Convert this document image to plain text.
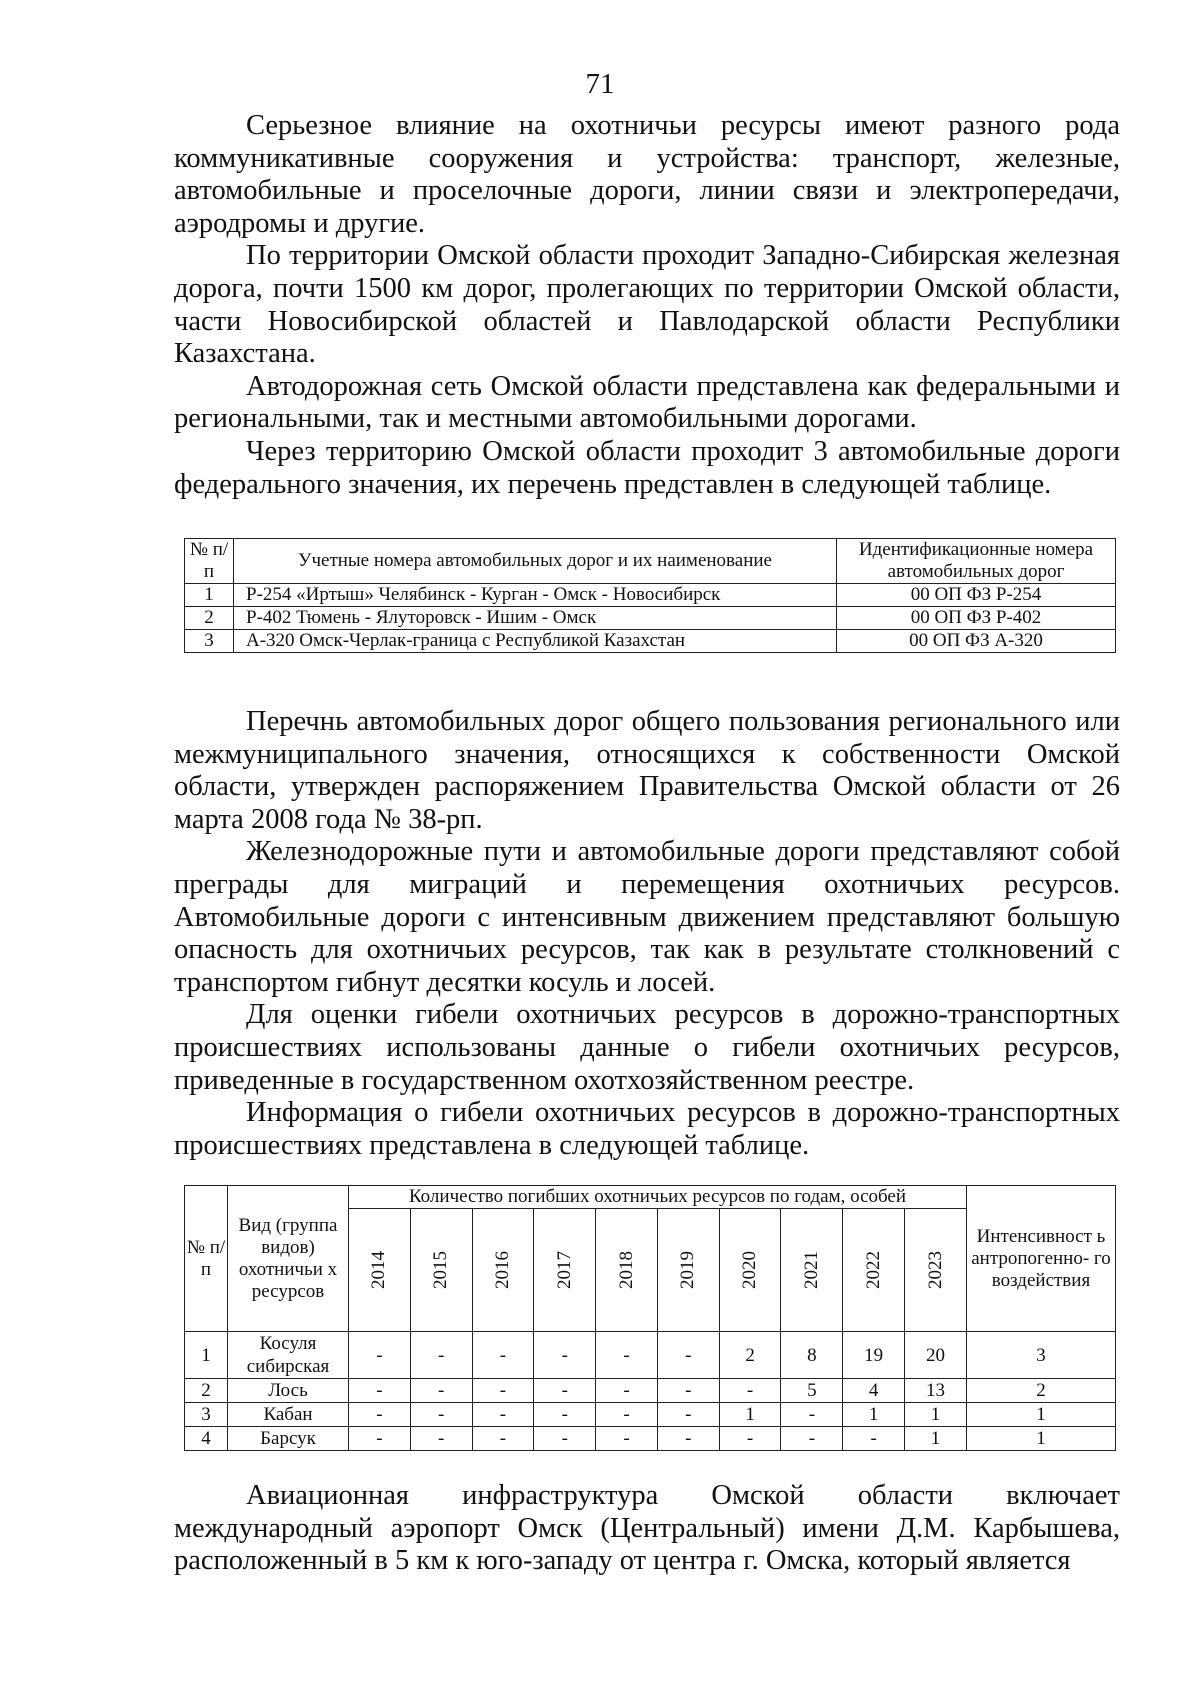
71

Серьезное влияние на охотничьи ресурсы имеют разного рода коммуникативные сооружения и устройства: транспорт, железные, автомобильные и проселочные дороги, линии связи и электропередачи, аэродромы и другие.

По территории Омской области проходит Западно-Сибирская железная дорога, почти 1500 км дорог, пролегающих по территории Омской области, части Новосибирской областей и Павлодарской области Республики Казахстана.

Автодорожная сеть Омской области представлена как федеральными и региональными, так и местными автомобильными дорогами.

Через территорию Омской области проходит 3 автомобильные дороги федерального значения, их перечень представлен в следующей таблице.

№ п/п	Учетные номера автомобильных дорог и их наименование	Идентификационные номера автомобильных дорог
1	Р-254 «Иртыш» Челябинск - Курган - Омск - Новосибирск	00 ОП ФЗ Р-254
2	Р-402 Тюмень - Ялуторовск - Ишим - Омск	00 ОП ФЗ Р-402
3	А-320 Омск-Черлак-граница с Республикой Казахстан	00 ОП ФЗ А-320

Перечнь автомобильных дорог общего пользования регионального или межмуниципального значения, относящихся к собственности Омской области, утвержден распоряжением Правительства Омской области от 26 марта 2008 года № 38-рп.

Железнодорожные пути и автомобильные дороги представляют собой преграды для миграций и перемещения охотничьих ресурсов. Автомобильные дороги с интенсивным движением представляют большую опасность для охотничьих ресурсов, так как в результате столкновений с транспортом гибнут десятки косуль и лосей.

Для оценки гибели охотничьих ресурсов в дорожно-транспортных происшествиях использованы данные о гибели охотничьих ресурсов, приведенные в государственном охотхозяйственном реестре.

Информация о гибели охотничьих ресурсов в дорожно-транспортных происшествиях представлена в следующей таблице.

№ п/ п	Вид (группа видов) охотничьи х ресурсов	Количество погибших охотничьих ресурсов по годам, особей										Интенсивност ь антропогенно- го воздействия
		2014	2015	2016	2017	2018	2019	2020	2021	2022	2023	
1	Косуля сибирская	-	-	-	-	-	-	2	8	19	20	3
2	Лось	-	-	-	-	-	-	-	5	4	13	2
3	Кабан	-	-	-	-	-	-	1	-	1	1	1
4	Барсук	-	-	-	-	-	-	-	-	-	1	1

Авиационная инфраструктура Омской области включает международный аэропорт Омск (Центральный) имени Д.М. Карбышева, расположенный в 5 км к юго-западу от центра г. Омска, который является
